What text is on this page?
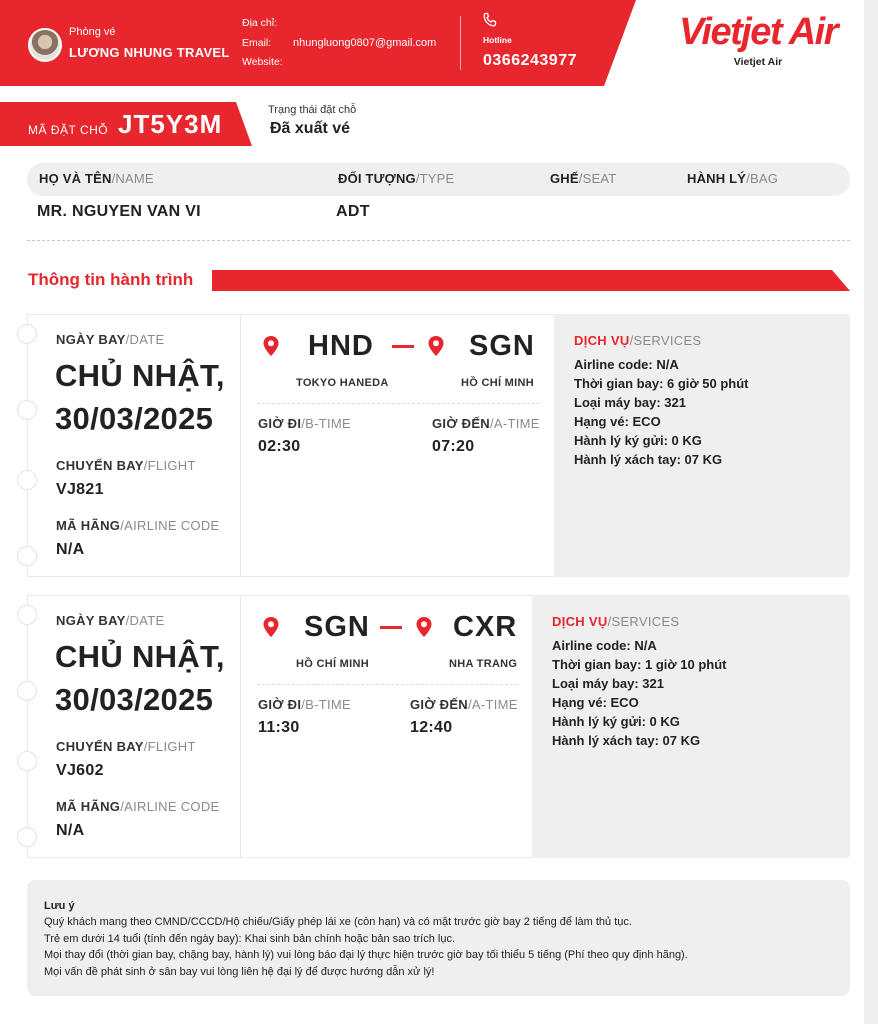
Phòng vé
LƯƠNG NHUNG TRAVEL
Địa chỉ:
Email: nhungluong0807@gmail.com
Website:
Hotline
0366243977
Vietjet Air
Vietjet Air
MÃ ĐẶT CHỖ JT5Y3M	Trạng thái đặt chỗ
Đã xuất vé
HỌ VÀ TÊN/NAME	ĐỐI TƯỢNG/TYPE	GHẾ/SEAT	HÀNH LÝ/BAG
MR. NGUYEN VAN VI	ADT
Thông tin hành trình
NGÀY BAY/DATE
CHỦ NHẬT,
30/03/2025
CHUYẾN BAY/FLIGHT
VJ821
MÃ HÃNG/AIRLINE CODE
N/A
HND	SGN
TOKYO HANEDA	HỒ CHÍ MINH
GIỜ ĐI/B-TIME	GIỜ ĐẾN/A-TIME
02:30	07:20
DỊCH VỤ/SERVICES
Airline code: N/A
Thời gian bay: 6 giờ 50 phút
Loại máy bay: 321
Hạng vé: ECO
Hành lý ký gửi: 0 KG
Hành lý xách tay: 07 KG
NGÀY BAY/DATE
CHỦ NHẬT,
30/03/2025
CHUYẾN BAY/FLIGHT
VJ602
MÃ HÃNG/AIRLINE CODE
N/A
SGN	CXR
HỒ CHÍ MINH	NHA TRANG
GIỜ ĐI/B-TIME	GIỜ ĐẾN/A-TIME
11:30	12:40
DỊCH VỤ/SERVICES
Airline code: N/A
Thời gian bay: 1 giờ 10 phút
Loại máy bay: 321
Hạng vé: ECO
Hành lý ký gửi: 0 KG
Hành lý xách tay: 07 KG
Lưu ý
Quý khách mang theo CMND/CCCD/Hộ chiếu/Giấy phép lái xe (còn hạn) và có mặt trước giờ bay 2 tiếng để làm thủ tục.
Trẻ em dưới 14 tuổi (tính đến ngày bay): Khai sinh bản chính hoặc bản sao trích lục.
Mọi thay đổi (thời gian bay, chặng bay, hành lý) vui lòng báo đại lý thực hiện trước giờ bay tối thiểu 5 tiếng (Phí theo quy định hãng).
Mọi vấn đề phát sinh ở sân bay vui lòng liên hệ đại lý để được hướng dẫn xử lý!
